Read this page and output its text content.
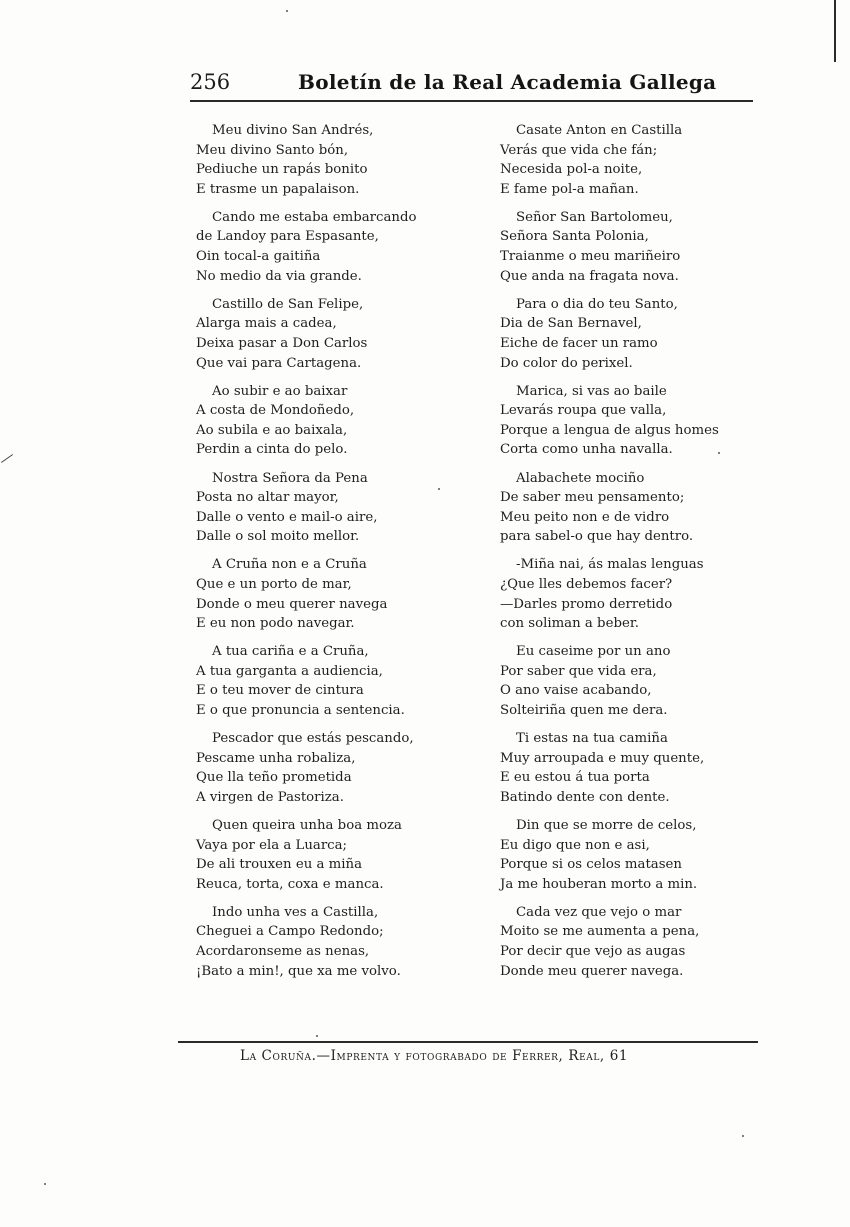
256	Boletín de la Real Academia Gallega
Meu divino San Andrés,
Meu divino Santo bón,
Pediuche un rapás bonito
E trasme un papalaison.
Cando me estaba embarcando
de Landoy para Espasante,
Oin tocal-a gaitiña
No medio da via grande.
Castillo de San Felipe,
Alarga mais a cadea,
Deixa pasar a Don Carlos
Que vai para Cartagena.
Ao subir e ao baixar
A costa de Mondoñedo,
Ao subila e ao baixala,
Perdin a cinta do pelo.
Nostra Señora da Pena
Posta no altar mayor,
Dalle o vento e mail-o aire,
Dalle o sol moito mellor.
A Cruña non e a Cruña
Que e un porto de mar,
Donde o meu querer navega
E eu non podo navegar.
A tua cariña e a Cruña,
A tua garganta a audiencia,
E o teu mover de cintura
E o que pronuncia a sentencia.
Pescador que estás pescando,
Pescame unha robaliza,
Que lla teño prometida
A virgen de Pastoriza.
Quen queira unha boa moza
Vaya por ela a Luarca;
De ali trouxen eu a miña
Reuca, torta, coxa e manca.
Indo unha ves a Castilla,
Cheguei a Campo Redondo;
Acordaronseme as nenas,
¡Bato a min!, que xa me volvo.
Casate Anton en Castilla
Verás que vida che fán;
Necesida pol-a noite,
E fame pol-a mañan.
Señor San Bartolomeu,
Señora Santa Polonia,
Traianme o meu mariñeiro
Que anda na fragata nova.
Para o dia do teu Santo,
Dia de San Bernavel,
Eiche de facer un ramo
Do color do perixel.
Marica, si vas ao baile
Levarás roupa que valla,
Porque a lengua de algus homes
Corta como unha navalla.
Alabachete mociño
De saber meu pensamento;
Meu peito non e de vidro
para sabel-o que hay dentro.
-Miña nai, ás malas lenguas
¿Que lles debemos facer?
—Darles promo derretido
con soliman a beber.
Eu caseime por un ano
Por saber que vida era,
O ano vaise acabando,
Solteiriña quen me dera.
Ti estas na tua camiña
Muy arroupada e muy quente,
E eu estou á tua porta
Batindo dente con dente.
Din que se morre de celos,
Eu digo que non e asi,
Porque si os celos matasen
Ja me houberan morto a min.
Cada vez que vejo o mar
Moito se me aumenta a pena,
Por decir que vejo as augas
Donde meu querer navega.
La Coruña.—Imprenta y fotograbado de Ferrer, Real, 61
